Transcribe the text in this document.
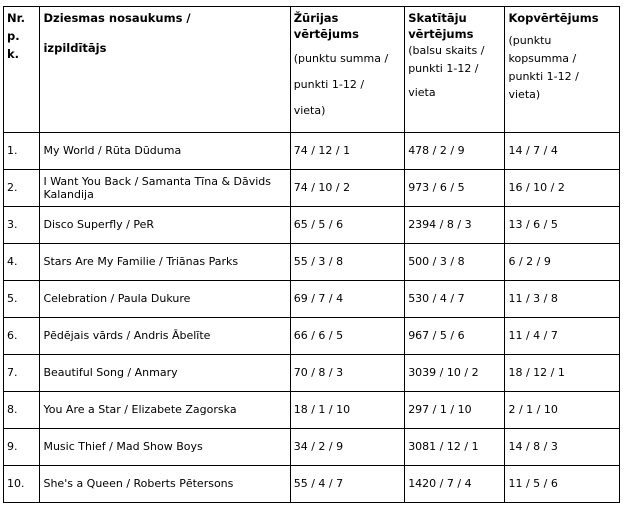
Nr.
p.
k.	Dziesmas nosaukums /
izpildītājs	Žūrijas
vērtējums
(punktu summa /
punkti 1-12 /
vieta)	Skatītāju
vērtējums
(balsu skaits /
punkti 1-12 /
vieta	Kopvērtējums
(punktu
kopsumma /
punkti 1-12 /
vieta)

1.	My World / Rūta Dūduma	74 / 12 / 1	478 / 2 / 9	14 / 7 / 4
2.	I Want You Back / Samanta Tīna & Dāvids Kalandija	74 / 10 / 2	973 / 6 / 5	16 / 10 / 2
3.	Disco Superfly / PeR	65 / 5 / 6	2394 / 8 / 3	13 / 6 / 5
4.	Stars Are My Familie / Triānas Parks	55 / 3 / 8	500 / 3 / 8	6 / 2 / 9
5.	Celebration / Paula Dukure	69 / 7 / 4	530 / 4 / 7	11 / 3 / 8
6.	Pēdējais vārds / Andris Ābelīte	66 / 6 / 5	967 / 5 / 6	11 / 4 / 7
7.	Beautiful Song / Anmary	70 / 8 / 3	3039 / 10 / 2	18 / 12 / 1
8.	You Are a Star / Elizabete Zagorska	18 / 1 / 10	297 / 1 / 10	2 / 1 / 10
9.	Music Thief / Mad Show Boys	34 / 2 / 9	3081 / 12 / 1	14 / 8 / 3
10.	She's a Queen / Roberts Pētersons	55 / 4 / 7	1420 / 7 / 4	11 / 5 / 6
